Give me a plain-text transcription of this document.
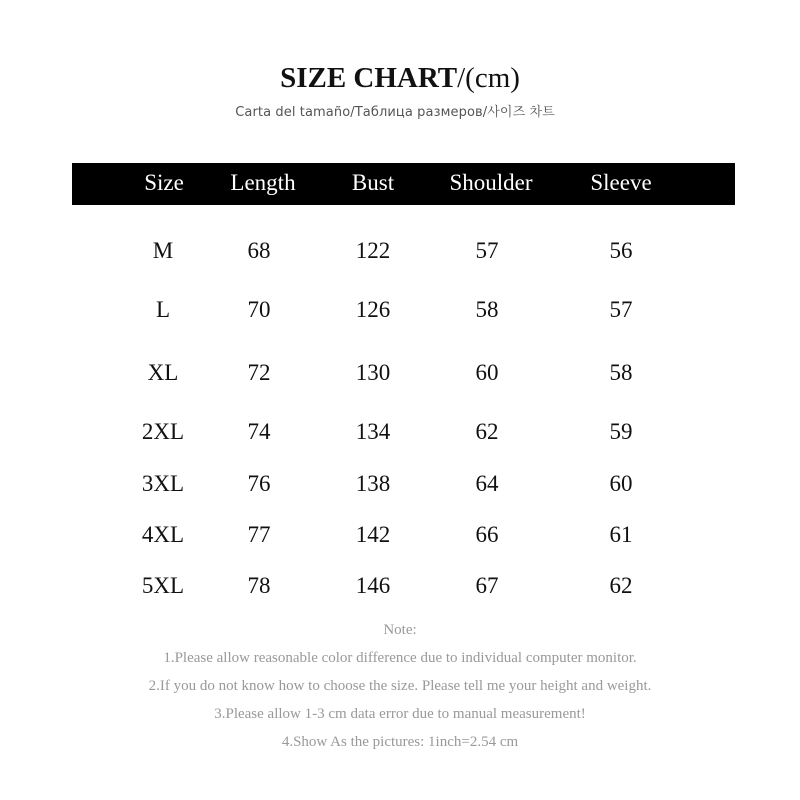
SIZE CHART/(cm)
Carta del tamaño/Таблица размеров/사이즈 차트
Size	Length	Bust	Shoulder	Sleeve
M	68	122	57	56
L	70	126	58	57
XL	72	130	60	58
2XL	74	134	62	59
3XL	76	138	64	60
4XL	77	142	66	61
5XL	78	146	67	62
Note:
1.Please allow reasonable color difference due to individual computer monitor.
2.If you do not know how to choose the size. Please tell me your height and weight.
3.Please allow 1-3 cm data error due to manual measurement!
4.Show As the pictures: 1inch=2.54 cm
